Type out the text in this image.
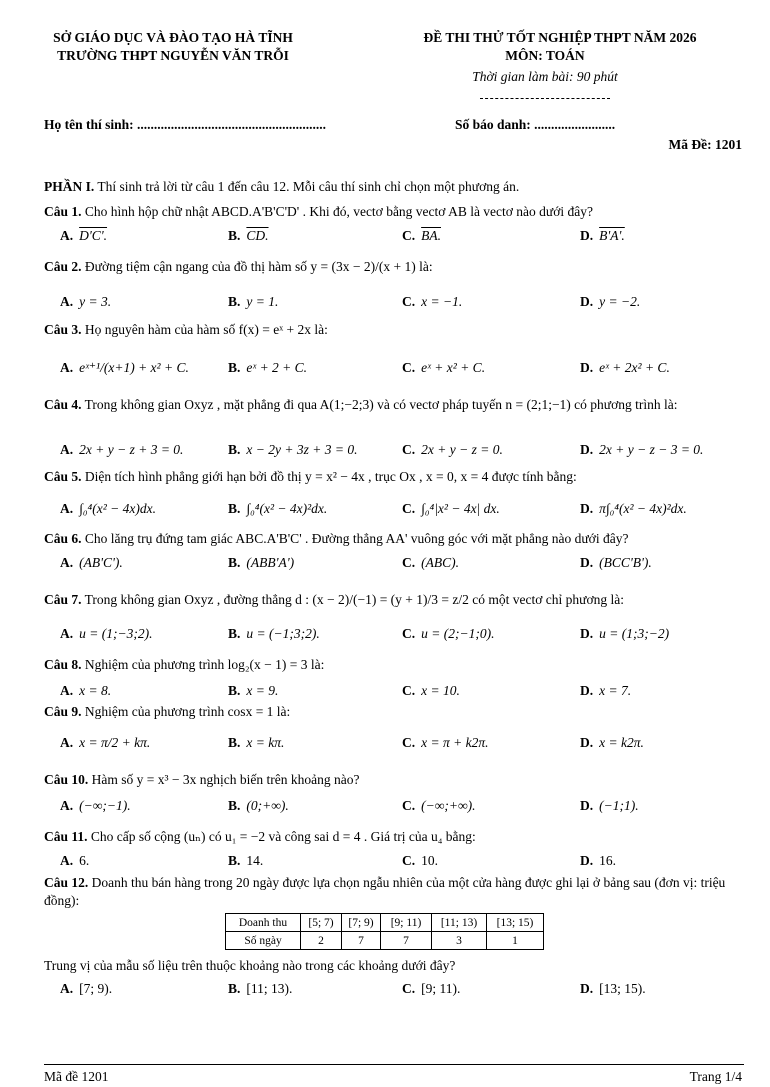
SỞ GIÁO DỤC VÀ ĐÀO TẠO HÀ TĨNH
TRƯỜNG THPT NGUYỄN VĂN TRỖI
ĐỀ THI THỬ TỐT NGHIỆP THPT NĂM 2026
MÔN: TOÁN
Thời gian làm bài: 90 phút
Họ tên thí sinh: ........................................................	Số báo danh: ........................
Mã Đề: 1201
PHẦN I. Thí sinh trả lời từ câu 1 đến câu 12. Mỗi câu thí sinh chỉ chọn một phương án.
Câu 1. Cho hình hộp chữ nhật ABCD.A'B'C'D' . Khi đó, vectơ bằng vectơ AB là vectơ nào dưới đây?
A. D'C'.	B. CD.	C. BA.	D. B'A'.
Câu 2. Đường tiệm cận ngang của đồ thị hàm số y = (3x − 2)/(x + 1) là:
A. y = 3.	B. y = 1.	C. x = −1.	D. y = −2.
Câu 3. Họ nguyên hàm của hàm số f(x) = eˣ + 2x là:
A. eˣ⁺¹/(x+1) + x² + C.	B. eˣ + 2 + C.	C. eˣ + x² + C.	D. eˣ + 2x² + C.
Câu 4. Trong không gian Oxyz , mặt phẳng đi qua A(1;−2;3) và có vectơ pháp tuyến n = (2;1;−1) có phương trình là:
A. 2x + y − z + 3 = 0.	B. x − 2y + 3z + 3 = 0.	C. 2x + y − z = 0.	D. 2x + y − z − 3 = 0.
Câu 5. Diện tích hình phẳng giới hạn bởi đồ thị y = x² − 4x , trục Ox , x = 0, x = 4 được tính bằng:
A. ∫₀⁴(x² − 4x)dx.	B. ∫₀⁴(x² − 4x)²dx.	C. ∫₀⁴|x² − 4x| dx.	D. π∫₀⁴(x² − 4x)²dx.
Câu 6. Cho lăng trụ đứng tam giác ABC.A'B'C' . Đường thẳng AA' vuông góc với mặt phẳng nào dưới đây?
A. (AB'C').	B. (ABB'A')	C. (ABC).	D. (BCC'B').
Câu 7. Trong không gian Oxyz , đường thẳng d : (x − 2)/(−1) = (y + 1)/3 = z/2 có một vectơ chỉ phương là:
A. u = (1;−3;2).	B. u = (−1;3;2).	C. u = (2;−1;0).	D. u = (1;3;−2)
Câu 8. Nghiệm của phương trình log₂(x − 1) = 3 là:
A. x = 8.	B. x = 9.	C. x = 10.	D. x = 7.
Câu 9. Nghiệm của phương trình cosx = 1 là:
A. x = π/2 + kπ.	B. x = kπ.	C. x = π + k2π.	D. x = k2π.
Câu 10. Hàm số y = x³ − 3x nghịch biến trên khoảng nào?
A. (−∞;−1).	B. (0;+∞).	C. (−∞;+∞).	D. (−1;1).
Câu 11. Cho cấp số cộng (uₙ) có u₁ = −2 và công sai d = 4 . Giá trị của u₄ bằng:
A. 6.	B. 14.	C. 10.	D. 16.
Câu 12. Doanh thu bán hàng trong 20 ngày được lựa chọn ngẫu nhiên của một cửa hàng được ghi lại ở bảng sau (đơn vị: triệu đồng):
Doanh thu	[5; 7)	[7; 9)	[9; 11)	[11; 13)	[13; 15)
Số ngày	2	7	7	3	1
Trung vị của mẫu số liệu trên thuộc khoảng nào trong các khoảng dưới đây?
A. [7; 9).	B. [11; 13).	C. [9; 11).	D. [13; 15).
Mã đề 1201	Trang 1/4
